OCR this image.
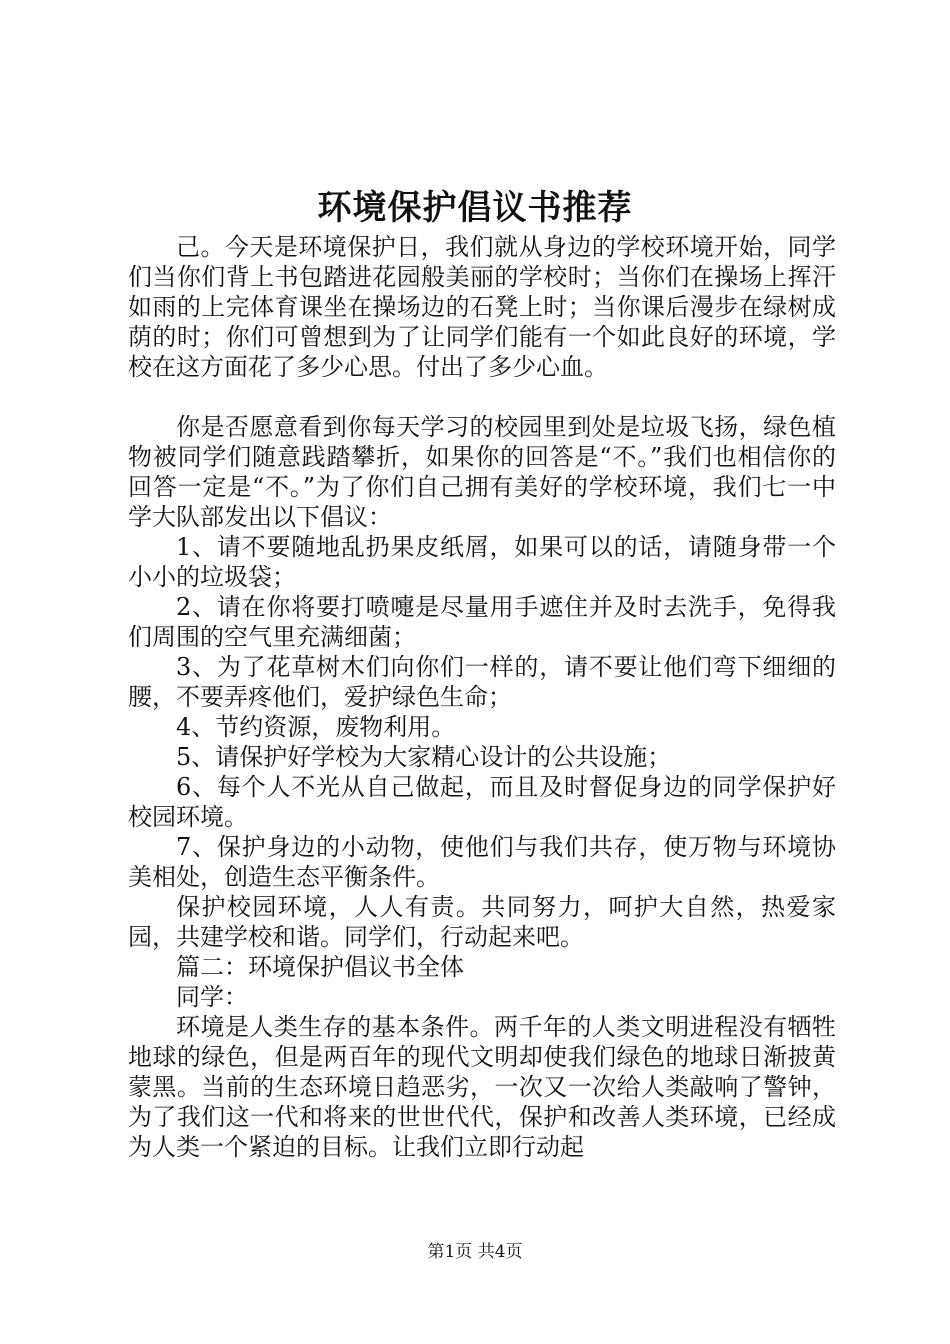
环境保护倡议书推荐

己。今天是环境保护日，我们就从身边的学校环境开始，同学们当你们背上书包踏进花园般美丽的学校时；当你们在操场上挥汗如雨的上完体育课坐在操场边的石凳上时；当你课后漫步在绿树成荫的时；你们可曾想到为了让同学们能有一个如此良好的环境，学校在这方面花了多少心思。付出了多少心血。

你是否愿意看到你每天学习的校园里到处是垃圾飞扬，绿色植物被同学们随意践踏攀折，如果你的回答是“不。”我们也相信你的回答一定是“不。”为了你们自己拥有美好的学校环境，我们七一中学大队部发出以下倡议：

1、请不要随地乱扔果皮纸屑，如果可以的话，请随身带一个小小的垃圾袋；

2、请在你将要打喷嚏是尽量用手遮住并及时去洗手，免得我们周围的空气里充满细菌；

3、为了花草树木们向你们一样的，请不要让他们弯下细细的腰，不要弄疼他们，爱护绿色生命；

4、节约资源，废物利用。

5、请保护好学校为大家精心设计的公共设施；

6、每个人不光从自己做起，而且及时督促身边的同学保护好校园环境。

7、保护身边的小动物，使他们与我们共存，使万物与环境协美相处，创造生态平衡条件。

保护校园环境，人人有责。共同努力，呵护大自然，热爱家园，共建学校和谐。同学们，行动起来吧。

篇二：环境保护倡议书全体

同学：

环境是人类生存的基本条件。两千年的人类文明进程没有牺牲地球的绿色，但是两百年的现代文明却使我们绿色的地球日渐披黄蒙黑。当前的生态环境日趋恶劣，一次又一次给人类敲响了警钟，为了我们这一代和将来的世世代代，保护和改善人类环境，已经成为人类一个紧迫的目标。让我们立即行动起

第1页 共4页
